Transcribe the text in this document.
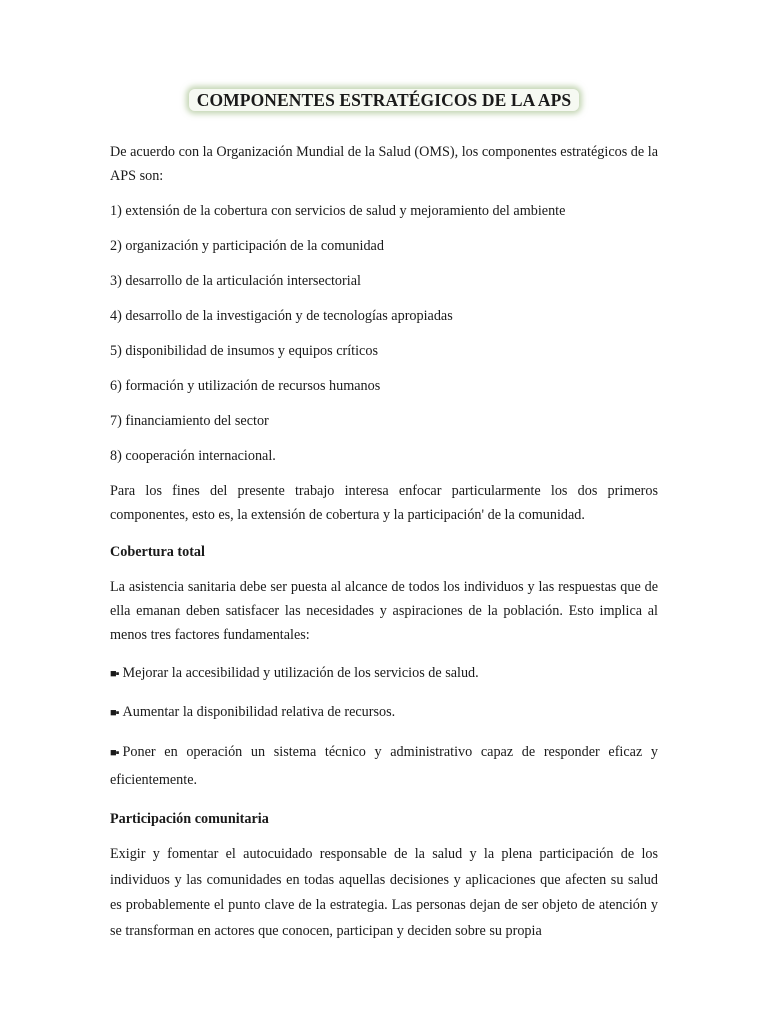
COMPONENTES ESTRATÉGICOS DE LA APS

De acuerdo con la Organización Mundial de la Salud (OMS), los componentes estratégicos de la APS son:

1) extensión de la cobertura con servicios de salud y mejoramiento del ambiente

2) organización y participación de la comunidad

3) desarrollo de la articulación intersectorial

4) desarrollo de la investigación y de tecnologías apropiadas

5) disponibilidad de insumos y equipos críticos

6) formación y utilización de recursos humanos

7) financiamiento del sector

8) cooperación internacional.

Para los fines del presente trabajo interesa enfocar particularmente los dos primeros componentes, esto es, la extensión de cobertura y la participación' de la comunidad.

Cobertura total

La asistencia sanitaria debe ser puesta al alcance de todos los individuos y las respuestas que de ella emanan deben satisfacer las necesidades y aspiraciones de la población. Esto implica al menos tres factores fundamentales:

■▪ Mejorar la accesibilidad y utilización de los servicios de salud.

■▪ Aumentar la disponibilidad relativa de recursos.

■▪ Poner en operación un sistema técnico y administrativo capaz de responder eficaz y eficientemente.

Participación comunitaria

Exigir y fomentar el autocuidado responsable de la salud y la plena participación de los individuos y las comunidades en todas aquellas decisiones y aplicaciones que afecten su salud es probablemente el punto clave de la estrategia. Las personas dejan de ser objeto de atención y se transforman en actores que conocen, participan y deciden sobre su propia
